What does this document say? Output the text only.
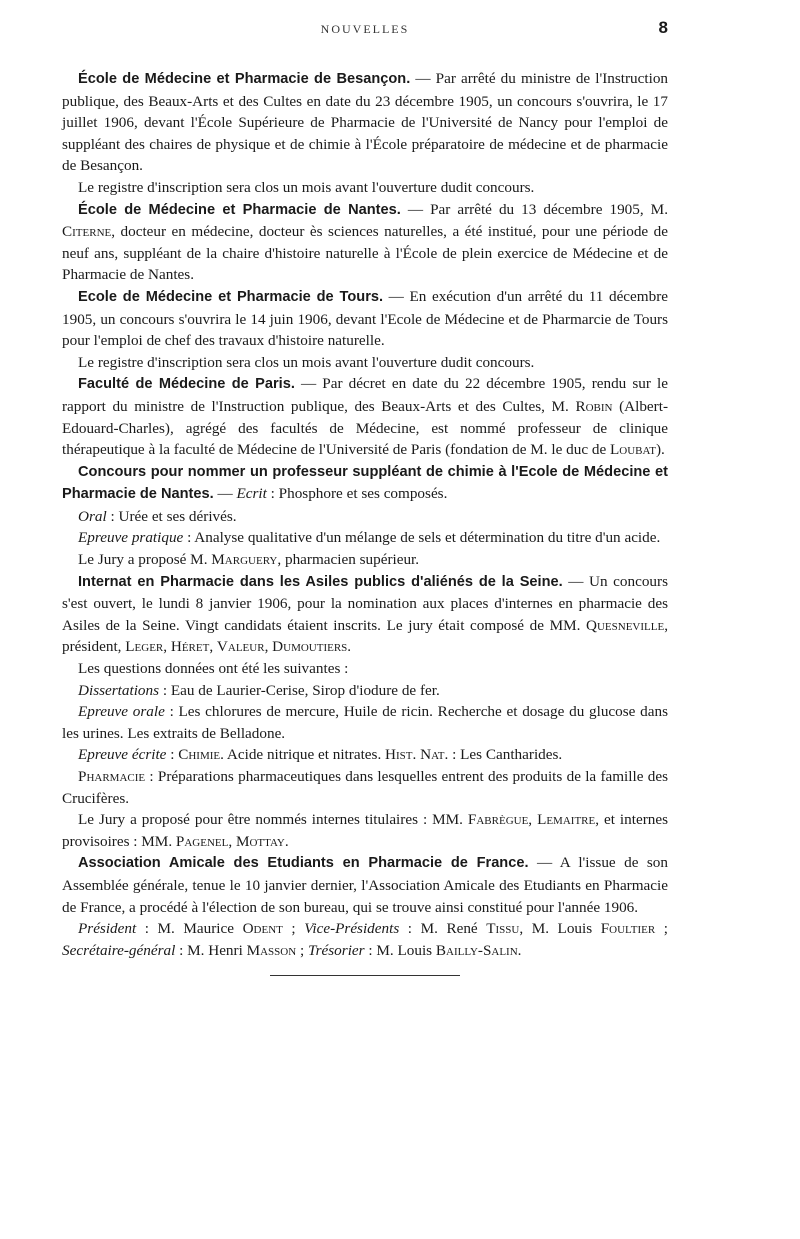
NOUVELLES	8

École de Médecine et Pharmacie de Besançon. — Par arrêté du ministre de l'Instruction publique, des Beaux-Arts et des Cultes en date du 23 décembre 1905, un concours s'ouvrira, le 17 juillet 1906, devant l'École Supérieure de Pharmacie de l'Université de Nancy pour l'emploi de suppléant des chaires de physique et de chimie à l'École préparatoire de médecine et de pharmacie de Besançon.

Le registre d'inscription sera clos un mois avant l'ouverture dudit concours.

École de Médecine et Pharmacie de Nantes. — Par arrêté du 13 décembre 1905, M. Citerne, docteur en médecine, docteur ès sciences naturelles, a été institué, pour une période de neuf ans, suppléant de la chaire d'histoire naturelle à l'École de plein exercice de Médecine et de Pharmacie de Nantes.

Ecole de Médecine et Pharmacie de Tours. — En exécution d'un arrêté du 11 décembre 1905, un concours s'ouvrira le 14 juin 1906, devant l'Ecole de Médecine et de Pharmarcie de Tours pour l'emploi de chef des travaux d'histoire naturelle.

Le registre d'inscription sera clos un mois avant l'ouverture dudit concours.

Faculté de Médecine de Paris. — Par décret en date du 22 décembre 1905, rendu sur le rapport du ministre de l'Instruction publique, des Beaux-Arts et des Cultes, M. Robin (Albert-Edouard-Charles), agrégé des facultés de Médecine, est nommé professeur de clinique thérapeutique à la faculté de Médecine de l'Université de Paris (fondation de M. le duc de Loubat).

Concours pour nommer un professeur suppléant de chimie à l'Ecole de Médecine et Pharmacie de Nantes. — Ecrit : Phosphore et ses composés.

Oral : Urée et ses dérivés.

Epreuve pratique : Analyse qualitative d'un mélange de sels et détermination du titre d'un acide.

Le Jury a proposé M. Marguery, pharmacien supérieur.

Internat en Pharmacie dans les Asiles publics d'aliénés de la Seine. — Un concours s'est ouvert, le lundi 8 janvier 1906, pour la nomination aux places d'internes en pharmacie des Asiles de la Seine. Vingt candidats étaient inscrits. Le jury était composé de MM. Quesneville, président, Leger, Héret, Valeur, Dumoutiers.

Les questions données ont été les suivantes :

Dissertations : Eau de Laurier-Cerise, Sirop d'iodure de fer.

Epreuve orale : Les chlorures de mercure, Huile de ricin. Recherche et dosage du glucose dans les urines. Les extraits de Belladone.

Epreuve écrite : Chimie. Acide nitrique et nitrates. Hist. Nat. : Les Cantharides.

Pharmacie : Préparations pharmaceutiques dans lesquelles entrent des produits de la famille des Crucifères.

Le Jury a proposé pour être nommés internes titulaires : MM. Fabrègue, Lemaitre, et internes provisoires : MM. Pagenel, Mottay.

Association Amicale des Etudiants en Pharmacie de France. — A l'issue de son Assemblée générale, tenue le 10 janvier dernier, l'Association Amicale des Etudiants en Pharmacie de France, a procédé à l'élection de son bureau, qui se trouve ainsi constitué pour l'année 1906.

Président : M. Maurice Odent ; Vice-Présidents : M. René Tissu, M. Louis Foultier ; Secrétaire-général : M. Henri Masson ; Trésorier : M. Louis Bailly-Salin.
